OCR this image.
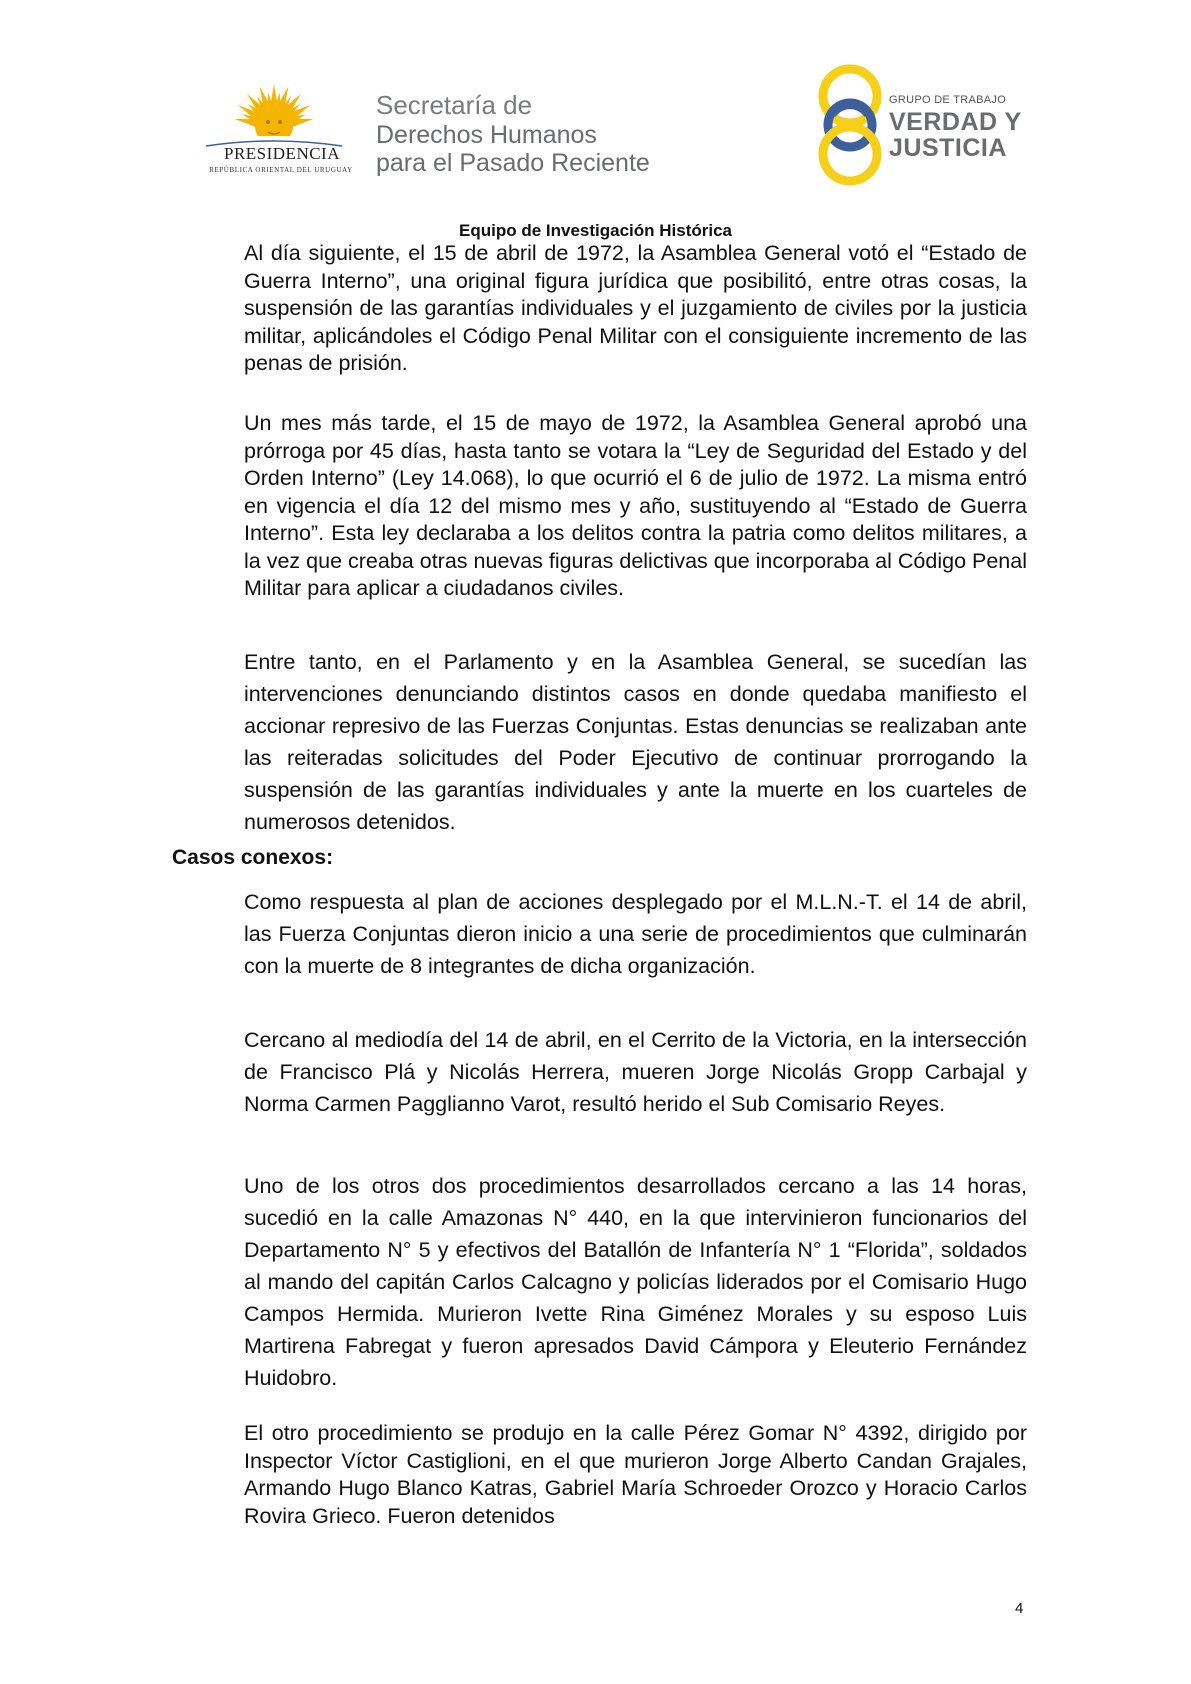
PRESIDENCIA
REPÚBLICA ORIENTAL DEL URUGUAY
Secretaría de
Derechos Humanos
para el Pasado Reciente
GRUPO DE TRABAJO
VERDAD Y
JUSTICIA
Equipo de Investigación Histórica
Al día siguiente, el 15 de abril de 1972, la Asamblea General votó el “Estado de Guerra Interno”, una original figura jurídica que posibilitó, entre otras cosas, la suspensión de las garantías individuales y el juzgamiento de civiles por la justicia militar, aplicándoles el Código Penal Militar con el consiguiente incremento de las penas de prisión.
Un mes más tarde, el 15 de mayo de 1972, la Asamblea General aprobó una prórroga por 45 días, hasta tanto se votara la “Ley de Seguridad del Estado y del Orden Interno” (Ley 14.068), lo que ocurrió el 6 de julio de 1972. La misma entró en vigencia el día 12 del mismo mes y año, sustituyendo al “Estado de Guerra Interno”. Esta ley declaraba a los delitos contra la patria como delitos militares, a la vez que creaba otras nuevas figuras delictivas que incorporaba al Código Penal Militar para aplicar a ciudadanos civiles.
Entre tanto, en el Parlamento y en la Asamblea General, se sucedían las intervenciones denunciando distintos casos en donde quedaba manifiesto el accionar represivo de las Fuerzas Conjuntas. Estas denuncias se realizaban ante las reiteradas solicitudes del Poder Ejecutivo de continuar prorrogando la suspensión de las garantías individuales y ante la muerte en los cuarteles de numerosos detenidos.
Casos conexos:
Como respuesta al plan de acciones desplegado por el M.L.N.-T. el 14 de abril, las Fuerza Conjuntas dieron inicio a una serie de procedimientos que culminarán con la muerte de 8 integrantes de dicha organización.
Cercano al mediodía del 14 de abril, en el Cerrito de la Victoria, en la intersección de Francisco Plá y Nicolás Herrera, mueren Jorge Nicolás Gropp Carbajal y Norma Carmen Pagglianno Varot, resultó herido el Sub Comisario Reyes.
Uno de los otros dos procedimientos desarrollados cercano a las 14 horas, sucedió en la calle Amazonas N° 440, en la que intervinieron funcionarios del Departamento N° 5 y efectivos del Batallón de Infantería N° 1 “Florida”, soldados al mando del capitán Carlos Calcagno y policías liderados por el Comisario Hugo Campos Hermida. Murieron Ivette Rina Giménez Morales y su esposo Luis Martirena Fabregat y fueron apresados David Cámpora y Eleuterio Fernández Huidobro.
El otro procedimiento se produjo en la calle Pérez Gomar N° 4392, dirigido por Inspector Víctor Castiglioni, en el que murieron Jorge Alberto Candan Grajales, Armando Hugo Blanco Katras, Gabriel María Schroeder Orozco y Horacio Carlos Rovira Grieco. Fueron detenidos
4
